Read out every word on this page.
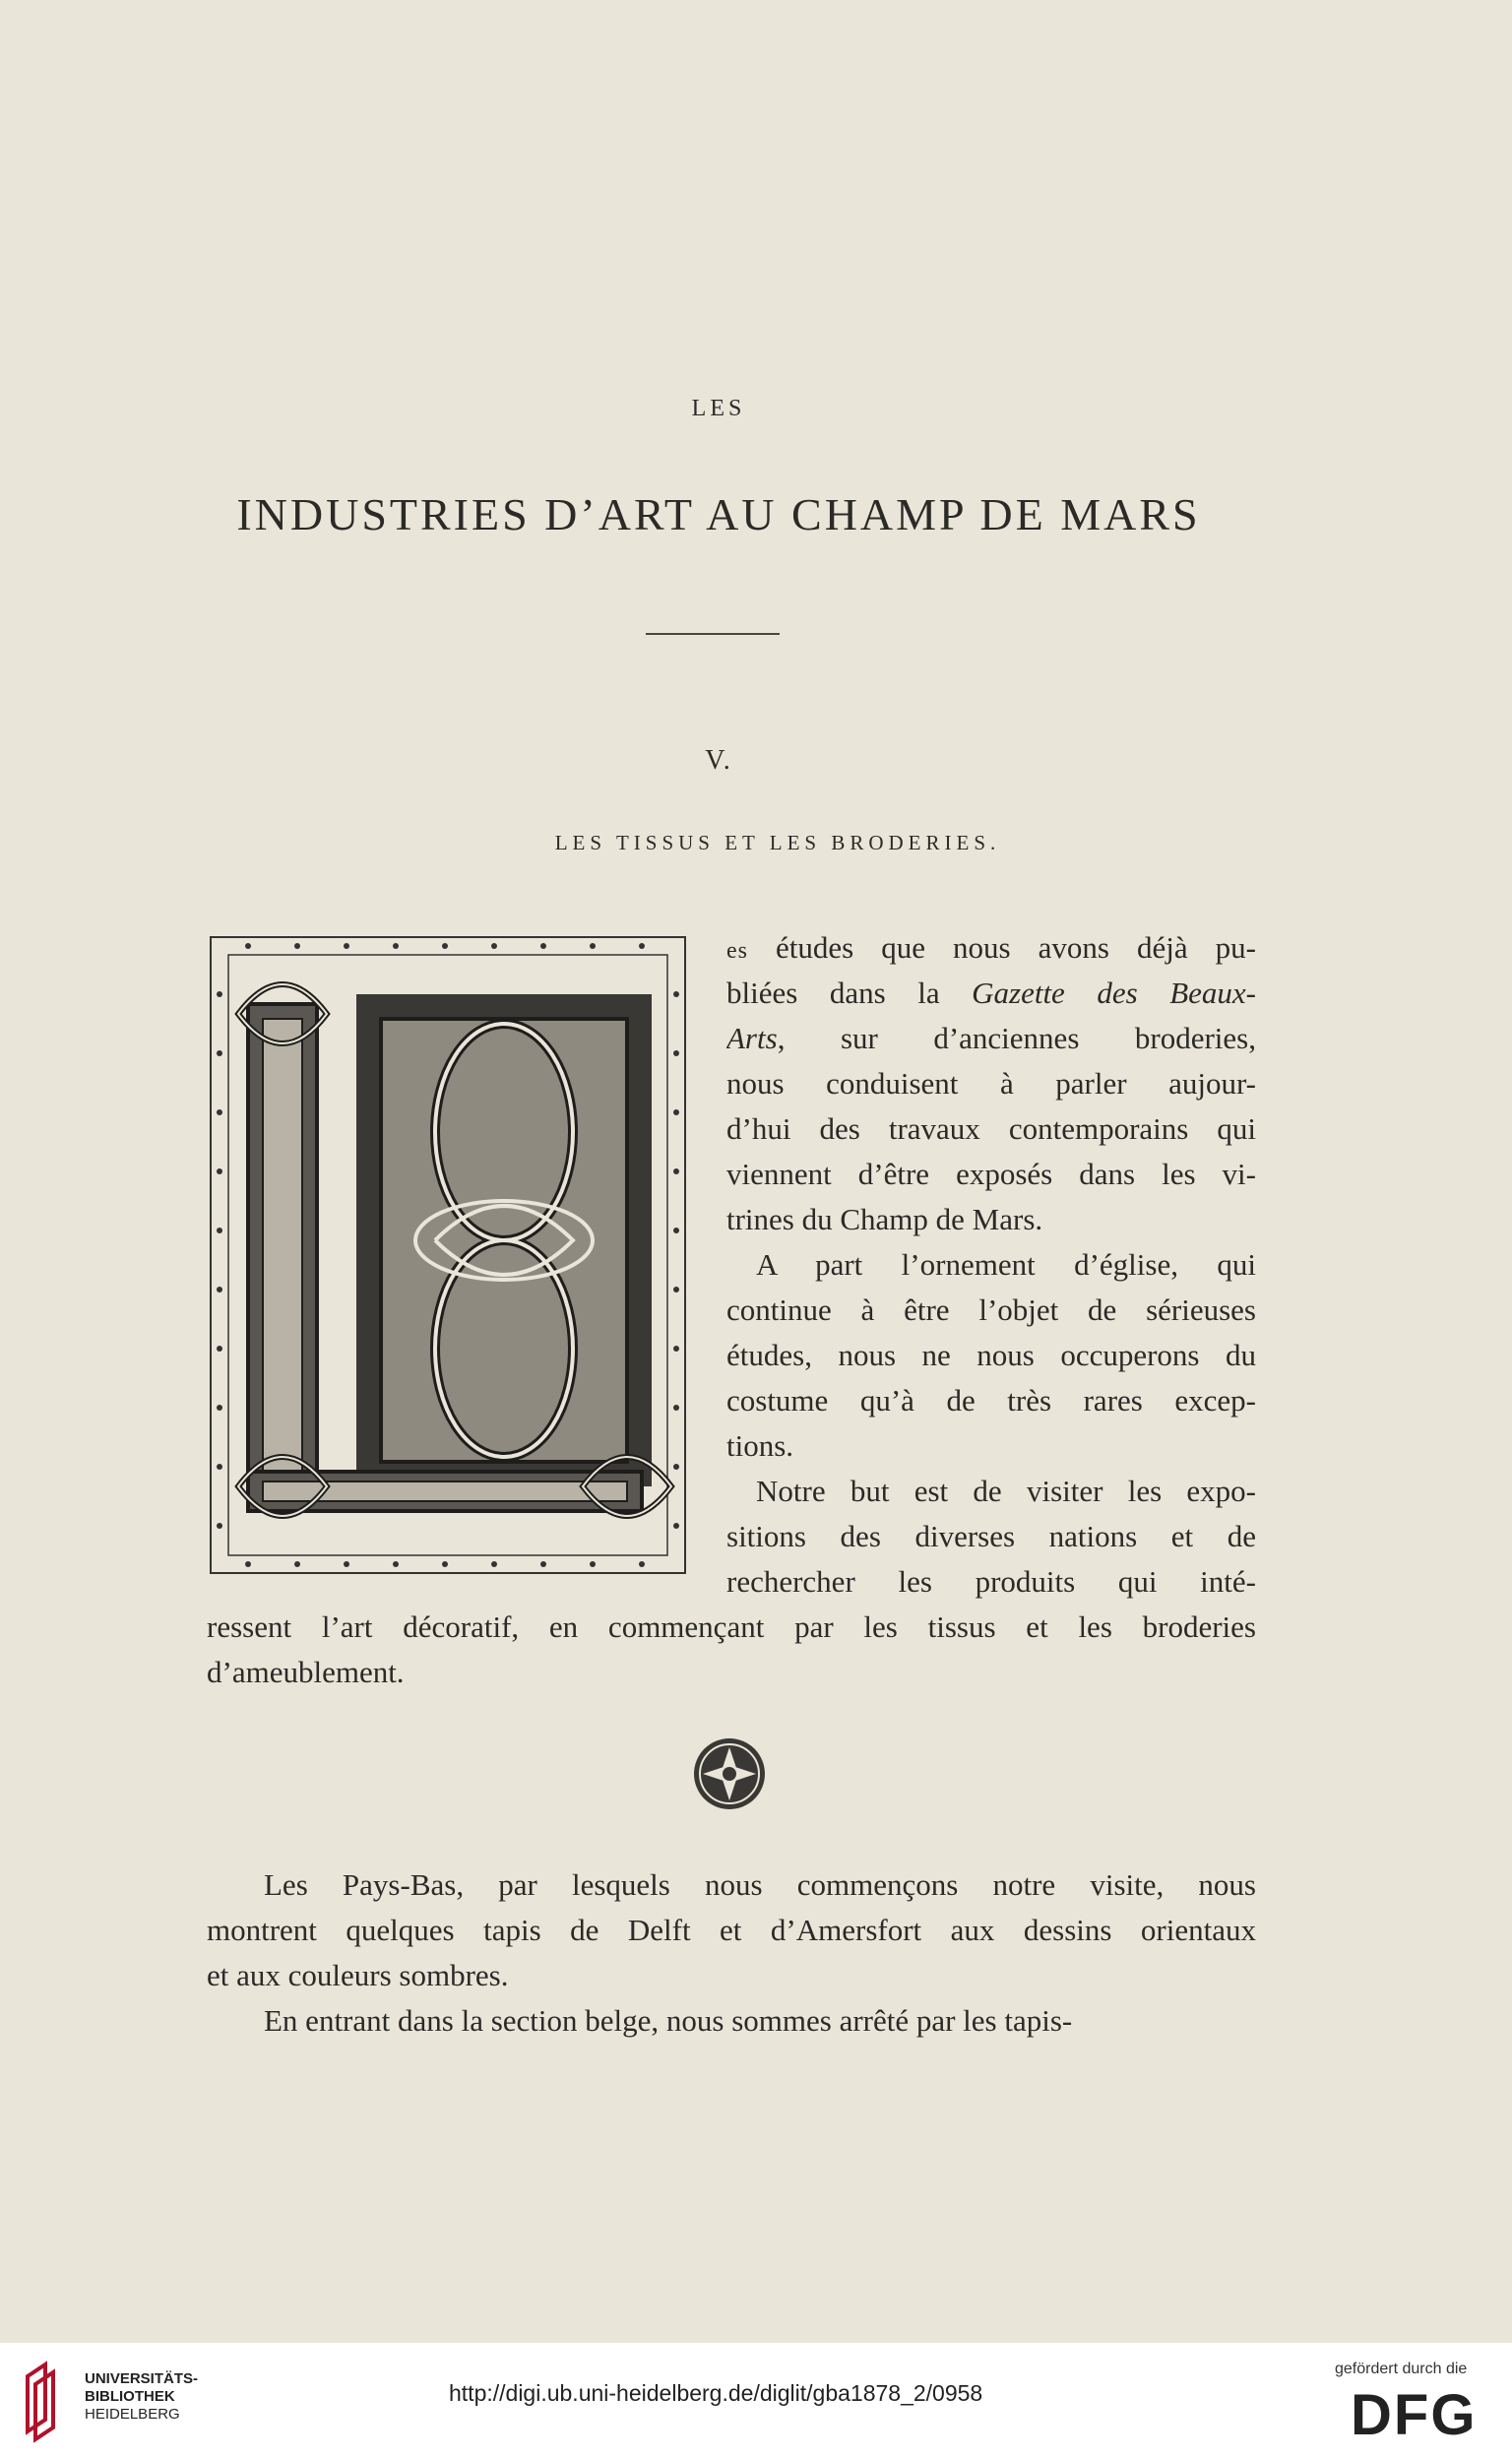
LES
INDUSTRIES D’ART AU CHAMP DE MARS
V.
LES TISSUS ET LES BRODERIES.
es études que nous avons déjà pu-
bliées dans la Gazette des Beaux-
Arts, sur d’anciennes broderies,
nous conduisent à parler aujour-
d’hui des travaux contemporains qui
viennent d’être exposés dans les vi-
trines du Champ de Mars.
A part l’ornement d’église, qui
continue à être l’objet de sérieuses
études, nous ne nous occuperons du
costume qu’à de très rares excep-
tions.
Notre but est de visiter les expo-
sitions des diverses nations et de
rechercher les produits qui inté-
ressent l’art décoratif, en commençant par les tissus et les broderies
d’ameublement.
Les Pays-Bas, par lesquels nous commençons notre visite, nous
montrent quelques tapis de Delft et d’Amersfort aux dessins orientaux
et aux couleurs sombres.
En entrant dans la section belge, nous sommes arrêté par les tapis-
UNIVERSITÄTS-
BIBLIOTHEK
HEIDELBERG
http://digi.ub.uni-heidelberg.de/diglit/gba1878_2/0958
gefördert durch die
DFG
